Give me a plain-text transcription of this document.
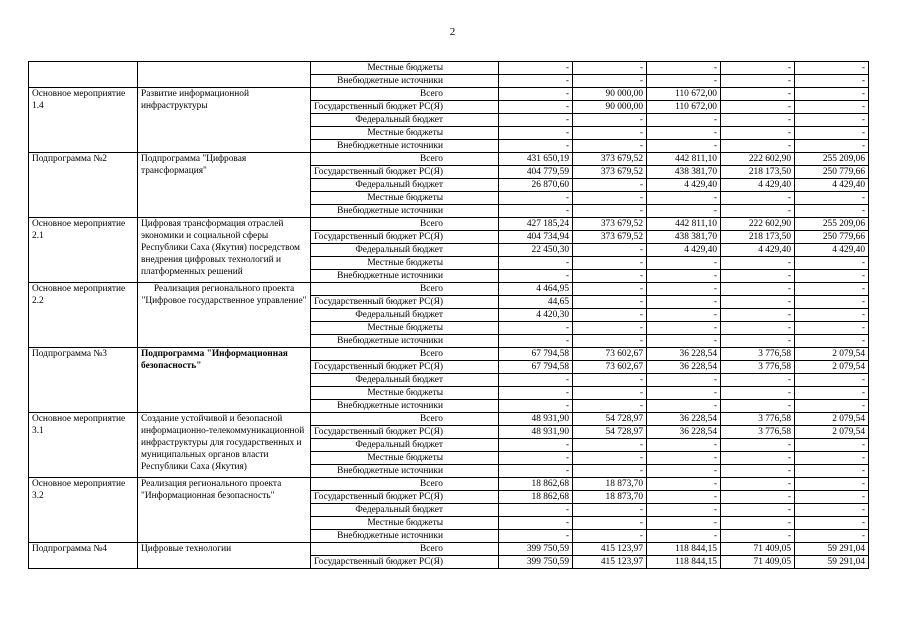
2
		Местные бюджеты	-	-	-	-	-
		Внебюджетные источники	-	-	-	-	-
Основное мероприятие 1.4	Развитие информационной инфраструктуры	Всего	-	90 000,00	110 672,00	-	-
		Государственный бюджет РС(Я)	-	90 000,00	110 672,00	-	-
		Федеральный бюджет	-	-	-	-	-
		Местные бюджеты	-	-	-	-	-
		Внебюджетные источники	-	-	-	-	-
Подпрограмма №2	Подпрограмма "Цифровая трансформация"	Всего	431 650,19	373 679,52	442 811,10	222 602,90	255 209,06
		Государственный бюджет РС(Я)	404 779,59	373 679,52	438 381,70	218 173,50	250 779,66
		Федеральный бюджет	26 870,60	-	4 429,40	4 429,40	4 429,40
		Местные бюджеты	-	-	-	-	-
		Внебюджетные источники	-	-	-	-	-
Основное мероприятие 2.1	Цифровая трансформация отраслей экономики и социальной сферы Республики Саха (Якутия) посредством внедрения цифровых технологий и платформенных решений	Всего	427 185,24	373 679,52	442 811,10	222 602,90	255 209,06
		Государственный бюджет РС(Я)	404 734,94	373 679,52	438 381,70	218 173,50	250 779,66
		Федеральный бюджет	22 450,30	-	4 429,40	4 429,40	4 429,40
		Местные бюджеты	-	-	-	-	-
		Внебюджетные источники	-	-	-	-	-
Основное мероприятие 2.2	Реализация регионального проекта "Цифровое государственное управление"	Всего	4 464,95	-	-	-	-
		Государственный бюджет РС(Я)	44,65	-	-	-	-
		Федеральный бюджет	4 420,30	-	-	-	-
		Местные бюджеты	-	-	-	-	-
		Внебюджетные источники	-	-	-	-	-
Подпрограмма №3	Подпрограмма "Информационная безопасность"	Всего	67 794,58	73 602,67	36 228,54	3 776,58	2 079,54
		Государственный бюджет РС(Я)	67 794,58	73 602,67	36 228,54	3 776,58	2 079,54
		Федеральный бюджет	-	-	-	-	-
		Местные бюджеты	-	-	-	-	-
		Внебюджетные источники	-	-	-	-	-
Основное мероприятие 3.1	Создание устойчивой и безопасной информационно-телекоммуникационной инфраструктуры для государственных и муниципальных органов власти Республики Саха (Якутия)	Всего	48 931,90	54 728,97	36 228,54	3 776,58	2 079,54
		Государственный бюджет РС(Я)	48 931,90	54 728,97	36 228,54	3 776,58	2 079,54
		Федеральный бюджет	-	-	-	-	-
		Местные бюджеты	-	-	-	-	-
		Внебюджетные источники	-	-	-	-	-
Основное мероприятие 3.2	Реализация регионального проекта "Информационная безопасность"	Всего	18 862,68	18 873,70	-	-	-
		Государственный бюджет РС(Я)	18 862,68	18 873,70	-	-	-
		Федеральный бюджет	-	-	-	-	-
		Местные бюджеты	-	-	-	-	-
		Внебюджетные источники	-	-	-	-	-
Подпрограмма №4	Цифровые технологии	Всего	399 750,59	415 123,97	118 844,15	71 409,05	59 291,04
		Государственный бюджет РС(Я)	399 750,59	415 123,97	118 844,15	71 409,05	59 291,04
